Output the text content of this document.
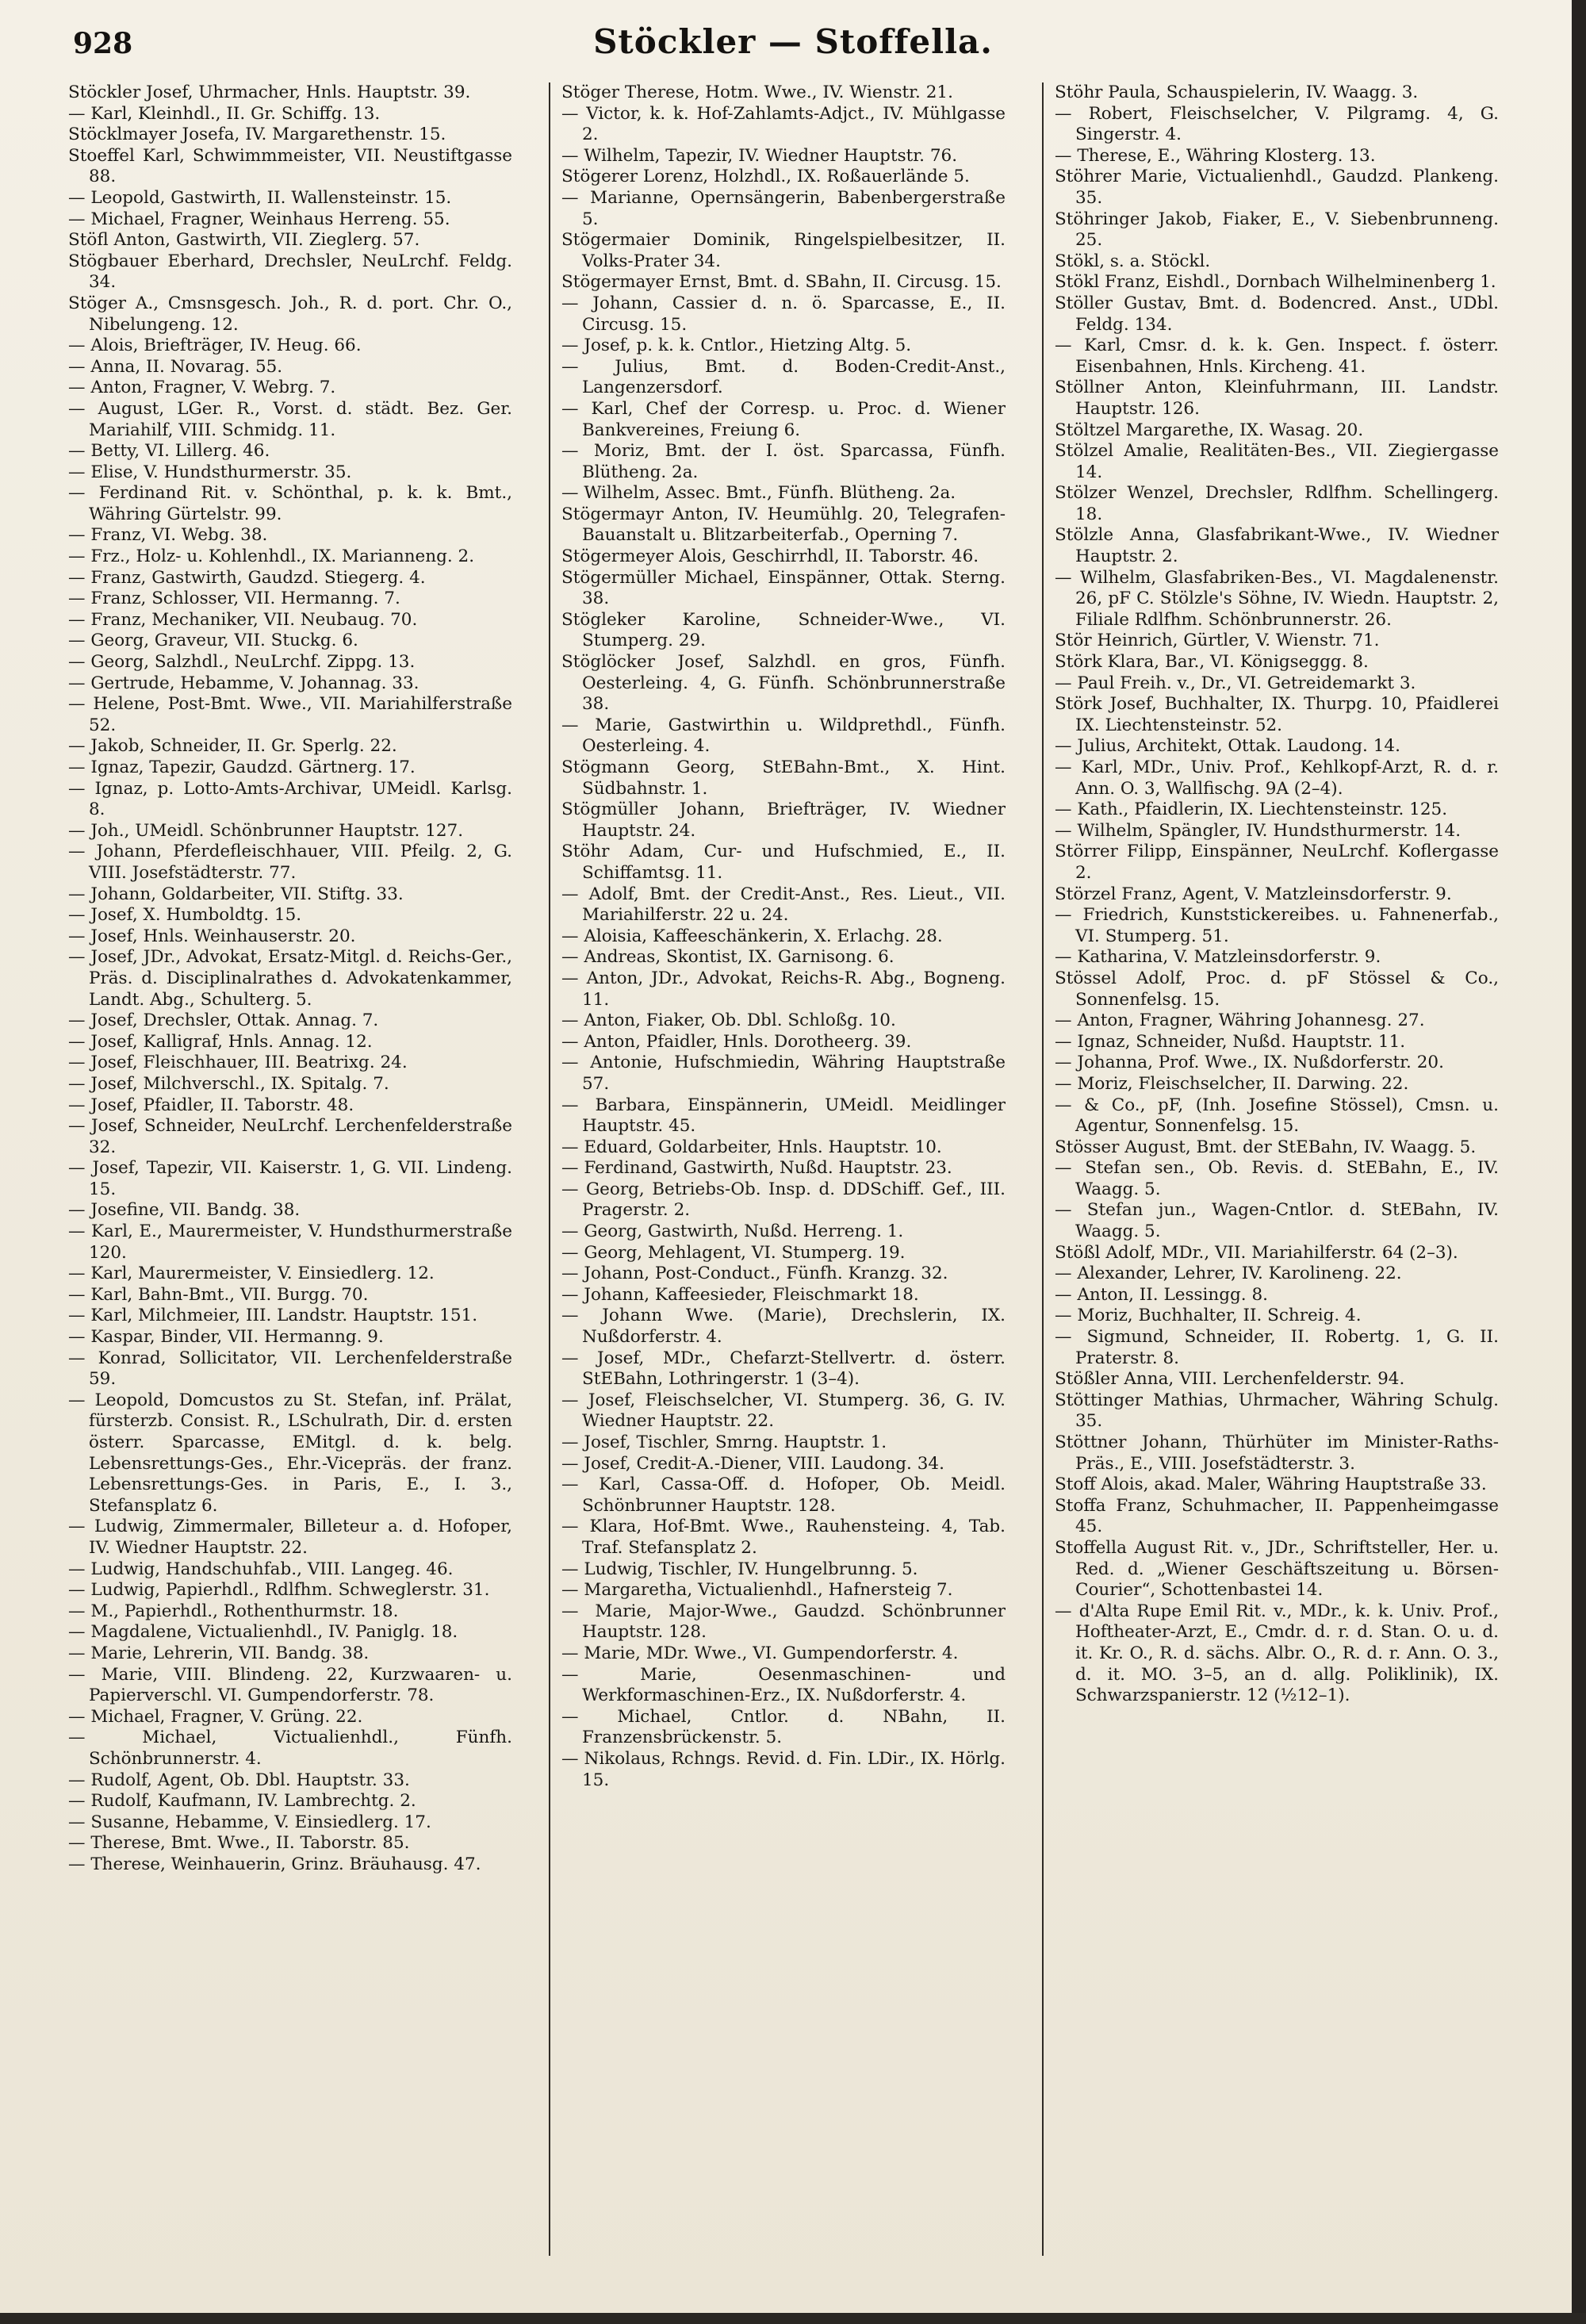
928	Stöckler — Stoffella.

Stöckler Josef, Uhrmacher, Hnls. Hauptstr. 39.

— Karl, Kleinhdl., II. Gr. Schiffg. 13.

Stöcklmayer Josefa, IV. Margarethenstr. 15.

Stoeffel Karl, Schwimmmeister, VII. Neustiftgasse 88.

— Leopold, Gastwirth, II. Wallensteinstr. 15.

— Michael, Fragner, Weinhaus Herreng. 55.

Stöfl Anton, Gastwirth, VII. Zieglerg. 57.

Stögbauer Eberhard, Drechsler, NeuLrchf. Feldg. 34.

Stöger A., Cmsnsgesch. Joh., R. d. port. Chr. O., Nibelungeng. 12.

— Alois, Briefträger, IV. Heug. 66.

— Anna, II. Novarag. 55.

— Anton, Fragner, V. Webrg. 7.

— August, LGer. R., Vorst. d. städt. Bez. Ger. Mariahilf, VIII. Schmidg. 11.

— Betty, VI. Lillerg. 46.

— Elise, V. Hundsthurmerstr. 35.

— Ferdinand Rit. v. Schönthal, p. k. k. Bmt., Währing Gürtelstr. 99.

— Franz, VI. Webg. 38.

— Frz., Holz- u. Kohlenhdl., IX. Marianneng. 2.

— Franz, Gastwirth, Gaudzd. Stiegerg. 4.

— Franz, Schlosser, VII. Hermanng. 7.

— Franz, Mechaniker, VII. Neubaug. 70.

— Georg, Graveur, VII. Stuckg. 6.

— Georg, Salzhdl., NeuLrchf. Zippg. 13.

— Gertrude, Hebamme, V. Johannag. 33.

— Helene, Post-Bmt. Wwe., VII. Mariahilferstraße 52.

— Jakob, Schneider, II. Gr. Sperlg. 22.

— Ignaz, Tapezir, Gaudzd. Gärtnerg. 17.

— Ignaz, p. Lotto-Amts-Archivar, UMeidl. Karlsg. 8.

— Joh., UMeidl. Schönbrunner Hauptstr. 127.

— Johann, Pferdefleischhauer, VIII. Pfeilg. 2, G. VIII. Josefstädterstr. 77.

— Johann, Goldarbeiter, VII. Stiftg. 33.

— Josef, X. Humboldtg. 15.

— Josef, Hnls. Weinhauserstr. 20.

— Josef, JDr., Advokat, Ersatz-Mitgl. d. Reichs-Ger., Präs. d. Disciplinalrathes d. Advokatenkammer, Landt. Abg., Schulterg. 5.

— Josef, Drechsler, Ottak. Annag. 7.

— Josef, Kalligraf, Hnls. Annag. 12.

— Josef, Fleischhauer, III. Beatrixg. 24.

— Josef, Milchverschl., IX. Spitalg. 7.

— Josef, Pfaidler, II. Taborstr. 48.

— Josef, Schneider, NeuLrchf. Lerchenfelderstraße 32.

— Josef, Tapezir, VII. Kaiserstr. 1, G. VII. Lindeng. 15.

— Josefine, VII. Bandg. 38.

— Karl, E., Maurermeister, V. Hundsthurmerstraße 120.

— Karl, Maurermeister, V. Einsiedlerg. 12.

— Karl, Bahn-Bmt., VII. Burgg. 70.

— Karl, Milchmeier, III. Landstr. Hauptstr. 151.

— Kaspar, Binder, VII. Hermanng. 9.

— Konrad, Sollicitator, VII. Lerchenfelderstraße 59.

— Leopold, Domcustos zu St. Stefan, inf. Prälat, fürsterzb. Consist. R., LSchulrath, Dir. d. ersten österr. Sparcasse, EMitgl. d. k. belg. Lebensrettungs-Ges., Ehr.-Vicepräs. der franz. Lebensrettungs-Ges. in Paris, E., I. 3., Stefansplatz 6.

— Ludwig, Zimmermaler, Billeteur a. d. Hofoper, IV. Wiedner Hauptstr. 22.

— Ludwig, Handschuhfab., VIII. Langeg. 46.

— Ludwig, Papierhdl., Rdlfhm. Schweglerstr. 31.

— M., Papierhdl., Rothenthurmstr. 18.

— Magdalene, Victualienhdl., IV. Paniglg. 18.

— Marie, Lehrerin, VII. Bandg. 38.

— Marie, VIII. Blindeng. 22, Kurzwaaren- u. Papierverschl. VI. Gumpendorferstr. 78.

— Michael, Fragner, V. Grüng. 22.

— Michael, Victualienhdl., Fünfh. Schönbrunnerstr. 4.

— Rudolf, Agent, Ob. Dbl. Hauptstr. 33.

— Rudolf, Kaufmann, IV. Lambrechtg. 2.

— Susanne, Hebamme, V. Einsiedlerg. 17.

— Therese, Bmt. Wwe., II. Taborstr. 85.

— Therese, Weinhauerin, Grinz. Bräuhausg. 47.

Stöger Therese, Hotm. Wwe., IV. Wienstr. 21.

— Victor, k. k. Hof-Zahlamts-Adjct., IV. Mühlgasse 2.

— Wilhelm, Tapezir, IV. Wiedner Hauptstr. 76.

Stögerer Lorenz, Holzhdl., IX. Roßauerlände 5.

— Marianne, Opernsängerin, Babenbergerstraße 5.

Stögermaier Dominik, Ringelspielbesitzer, II. Volks-Prater 34.

Stögermayer Ernst, Bmt. d. SBahn, II. Circusg. 15.

— Johann, Cassier d. n. ö. Sparcasse, E., II. Circusg. 15.

— Josef, p. k. k. Cntlor., Hietzing Altg. 5.

— Julius, Bmt. d. Boden-Credit-Anst., Langenzersdorf.

— Karl, Chef der Corresp. u. Proc. d. Wiener Bankvereines, Freiung 6.

— Moriz, Bmt. der I. öst. Sparcassa, Fünfh. Blütheng. 2a.

— Wilhelm, Assec. Bmt., Fünfh. Blütheng. 2a.

Stögermayr Anton, IV. Heumühlg. 20, Telegrafen-Bauanstalt u. Blitzarbeiterfab., Operning 7.

Stögermeyer Alois, Geschirrhdl, II. Taborstr. 46.

Stögermüller Michael, Einspänner, Ottak. Sterng. 38.

Stögleker Karoline, Schneider-Wwe., VI. Stumperg. 29.

Stöglöcker Josef, Salzhdl. en gros, Fünfh. Oesterleing. 4, G. Fünfh. Schönbrunnerstraße 38.

— Marie, Gastwirthin u. Wildprethdl., Fünfh. Oesterleing. 4.

Stögmann Georg, StEBahn-Bmt., X. Hint. Südbahnstr. 1.

Stögmüller Johann, Briefträger, IV. Wiedner Hauptstr. 24.

Stöhr Adam, Cur- und Hufschmied, E., II. Schiffamtsg. 11.

— Adolf, Bmt. der Credit-Anst., Res. Lieut., VII. Mariahilferstr. 22 u. 24.

— Aloisia, Kaffeeschänkerin, X. Erlachg. 28.

— Andreas, Skontist, IX. Garnisong. 6.

— Anton, JDr., Advokat, Reichs-R. Abg., Bogneng. 11.

— Anton, Fiaker, Ob. Dbl. Schloßg. 10.

— Anton, Pfaidler, Hnls. Dorotheerg. 39.

— Antonie, Hufschmiedin, Währing Hauptstraße 57.

— Barbara, Einspännerin, UMeidl. Meidlinger Hauptstr. 45.

— Eduard, Goldarbeiter, Hnls. Hauptstr. 10.

— Ferdinand, Gastwirth, Nußd. Hauptstr. 23.

— Georg, Betriebs-Ob. Insp. d. DDSchiff. Gef., III. Pragerstr. 2.

— Georg, Gastwirth, Nußd. Herreng. 1.

— Georg, Mehlagent, VI. Stumperg. 19.

— Johann, Post-Conduct., Fünfh. Kranzg. 32.

— Johann, Kaffeesieder, Fleischmarkt 18.

— Johann Wwe. (Marie), Drechslerin, IX. Nußdorferstr. 4.

— Josef, MDr., Chefarzt-Stellvertr. d. österr. StEBahn, Lothringerstr. 1 (3–4).

— Josef, Fleischselcher, VI. Stumperg. 36, G. IV. Wiedner Hauptstr. 22.

— Josef, Tischler, Smrng. Hauptstr. 1.

— Josef, Credit-A.-Diener, VIII. Laudong. 34.

— Karl, Cassa-Off. d. Hofoper, Ob. Meidl. Schönbrunner Hauptstr. 128.

— Klara, Hof-Bmt. Wwe., Rauhensteing. 4, Tab. Traf. Stefansplatz 2.

— Ludwig, Tischler, IV. Hungelbrunng. 5.

— Margaretha, Victualienhdl., Hafnersteig 7.

— Marie, Major-Wwe., Gaudzd. Schönbrunner Hauptstr. 128.

— Marie, MDr. Wwe., VI. Gumpendorferstr. 4.

— Marie, Oesenmaschinen- und Werkformaschinen-Erz., IX. Nußdorferstr. 4.

— Michael, Cntlor. d. NBahn, II. Franzensbrückenstr. 5.

— Nikolaus, Rchngs. Revid. d. Fin. LDir., IX. Hörlg. 15.

Stöhr Paula, Schauspielerin, IV. Waagg. 3.

— Robert, Fleischselcher, V. Pilgramg. 4, G. Singerstr. 4.

— Therese, E., Währing Klosterg. 13.

Stöhrer Marie, Victualienhdl., Gaudzd. Plankeng. 35.

Stöhringer Jakob, Fiaker, E., V. Siebenbrunneng. 25.

Stökl, s. a. Stöckl.

Stökl Franz, Eishdl., Dornbach Wilhelminenberg 1.

Stöller Gustav, Bmt. d. Bodencred. Anst., UDbl. Feldg. 134.

— Karl, Cmsr. d. k. k. Gen. Inspect. f. österr. Eisenbahnen, Hnls. Kircheng. 41.

Stöllner Anton, Kleinfuhrmann, III. Landstr. Hauptstr. 126.

Stöltzel Margarethe, IX. Wasag. 20.

Stölzel Amalie, Realitäten-Bes., VII. Ziegiergasse 14.

Stölzer Wenzel, Drechsler, Rdlfhm. Schellingerg. 18.

Stölzle Anna, Glasfabrikant-Wwe., IV. Wiedner Hauptstr. 2.

— Wilhelm, Glasfabriken-Bes., VI. Magdalenenstr. 26, pF C. Stölzle's Söhne, IV. Wiedn. Hauptstr. 2, Filiale Rdlfhm. Schönbrunnerstr. 26.

Stör Heinrich, Gürtler, V. Wienstr. 71.

Störk Klara, Bar., VI. Königseggg. 8.

— Paul Freih. v., Dr., VI. Getreidemarkt 3.

Störk Josef, Buchhalter, IX. Thurpg. 10, Pfaidlerei IX. Liechtensteinstr. 52.

— Julius, Architekt, Ottak. Laudong. 14.

— Karl, MDr., Univ. Prof., Kehlkopf-Arzt, R. d. r. Ann. O. 3, Wallfischg. 9A (2–4).

— Kath., Pfaidlerin, IX. Liechtensteinstr. 125.

— Wilhelm, Spängler, IV. Hundsthurmerstr. 14.

Störrer Filipp, Einspänner, NeuLrchf. Koflergasse 2.

Störzel Franz, Agent, V. Matzleinsdorferstr. 9.

— Friedrich, Kunststickereibes. u. Fahnenerfab., VI. Stumperg. 51.

— Katharina, V. Matzleinsdorferstr. 9.

Stössel Adolf, Proc. d. pF Stössel & Co., Sonnenfelsg. 15.

— Anton, Fragner, Währing Johannesg. 27.

— Ignaz, Schneider, Nußd. Hauptstr. 11.

— Johanna, Prof. Wwe., IX. Nußdorferstr. 20.

— Moriz, Fleischselcher, II. Darwing. 22.

— & Co., pF, (Inh. Josefine Stössel), Cmsn. u. Agentur, Sonnenfelsg. 15.

Stösser August, Bmt. der StEBahn, IV. Waagg. 5.

— Stefan sen., Ob. Revis. d. StEBahn, E., IV. Waagg. 5.

— Stefan jun., Wagen-Cntlor. d. StEBahn, IV. Waagg. 5.

Stößl Adolf, MDr., VII. Mariahilferstr. 64 (2–3).

— Alexander, Lehrer, IV. Karolineng. 22.

— Anton, II. Lessingg. 8.

— Moriz, Buchhalter, II. Schreig. 4.

— Sigmund, Schneider, II. Robertg. 1, G. II. Praterstr. 8.

Stößler Anna, VIII. Lerchenfelderstr. 94.

Stöttinger Mathias, Uhrmacher, Währing Schulg. 35.

Stöttner Johann, Thürhüter im Minister-Raths-Präs., E., VIII. Josefstädterstr. 3.

Stoff Alois, akad. Maler, Währing Hauptstraße 33.

Stoffa Franz, Schuhmacher, II. Pappenheimgasse 45.

Stoffella August Rit. v., JDr., Schriftsteller, Her. u. Red. d. „Wiener Geschäftszeitung u. Börsen-Courier“, Schottenbastei 14.

— d'Alta Rupe Emil Rit. v., MDr., k. k. Univ. Prof., Hoftheater-Arzt, E., Cmdr. d. r. d. Stan. O. u. d. it. Kr. O., R. d. sächs. Albr. O., R. d. r. Ann. O. 3., d. it. MO. 3–5, an d. allg. Poliklinik), IX. Schwarzspanierstr. 12 (½12–1).
